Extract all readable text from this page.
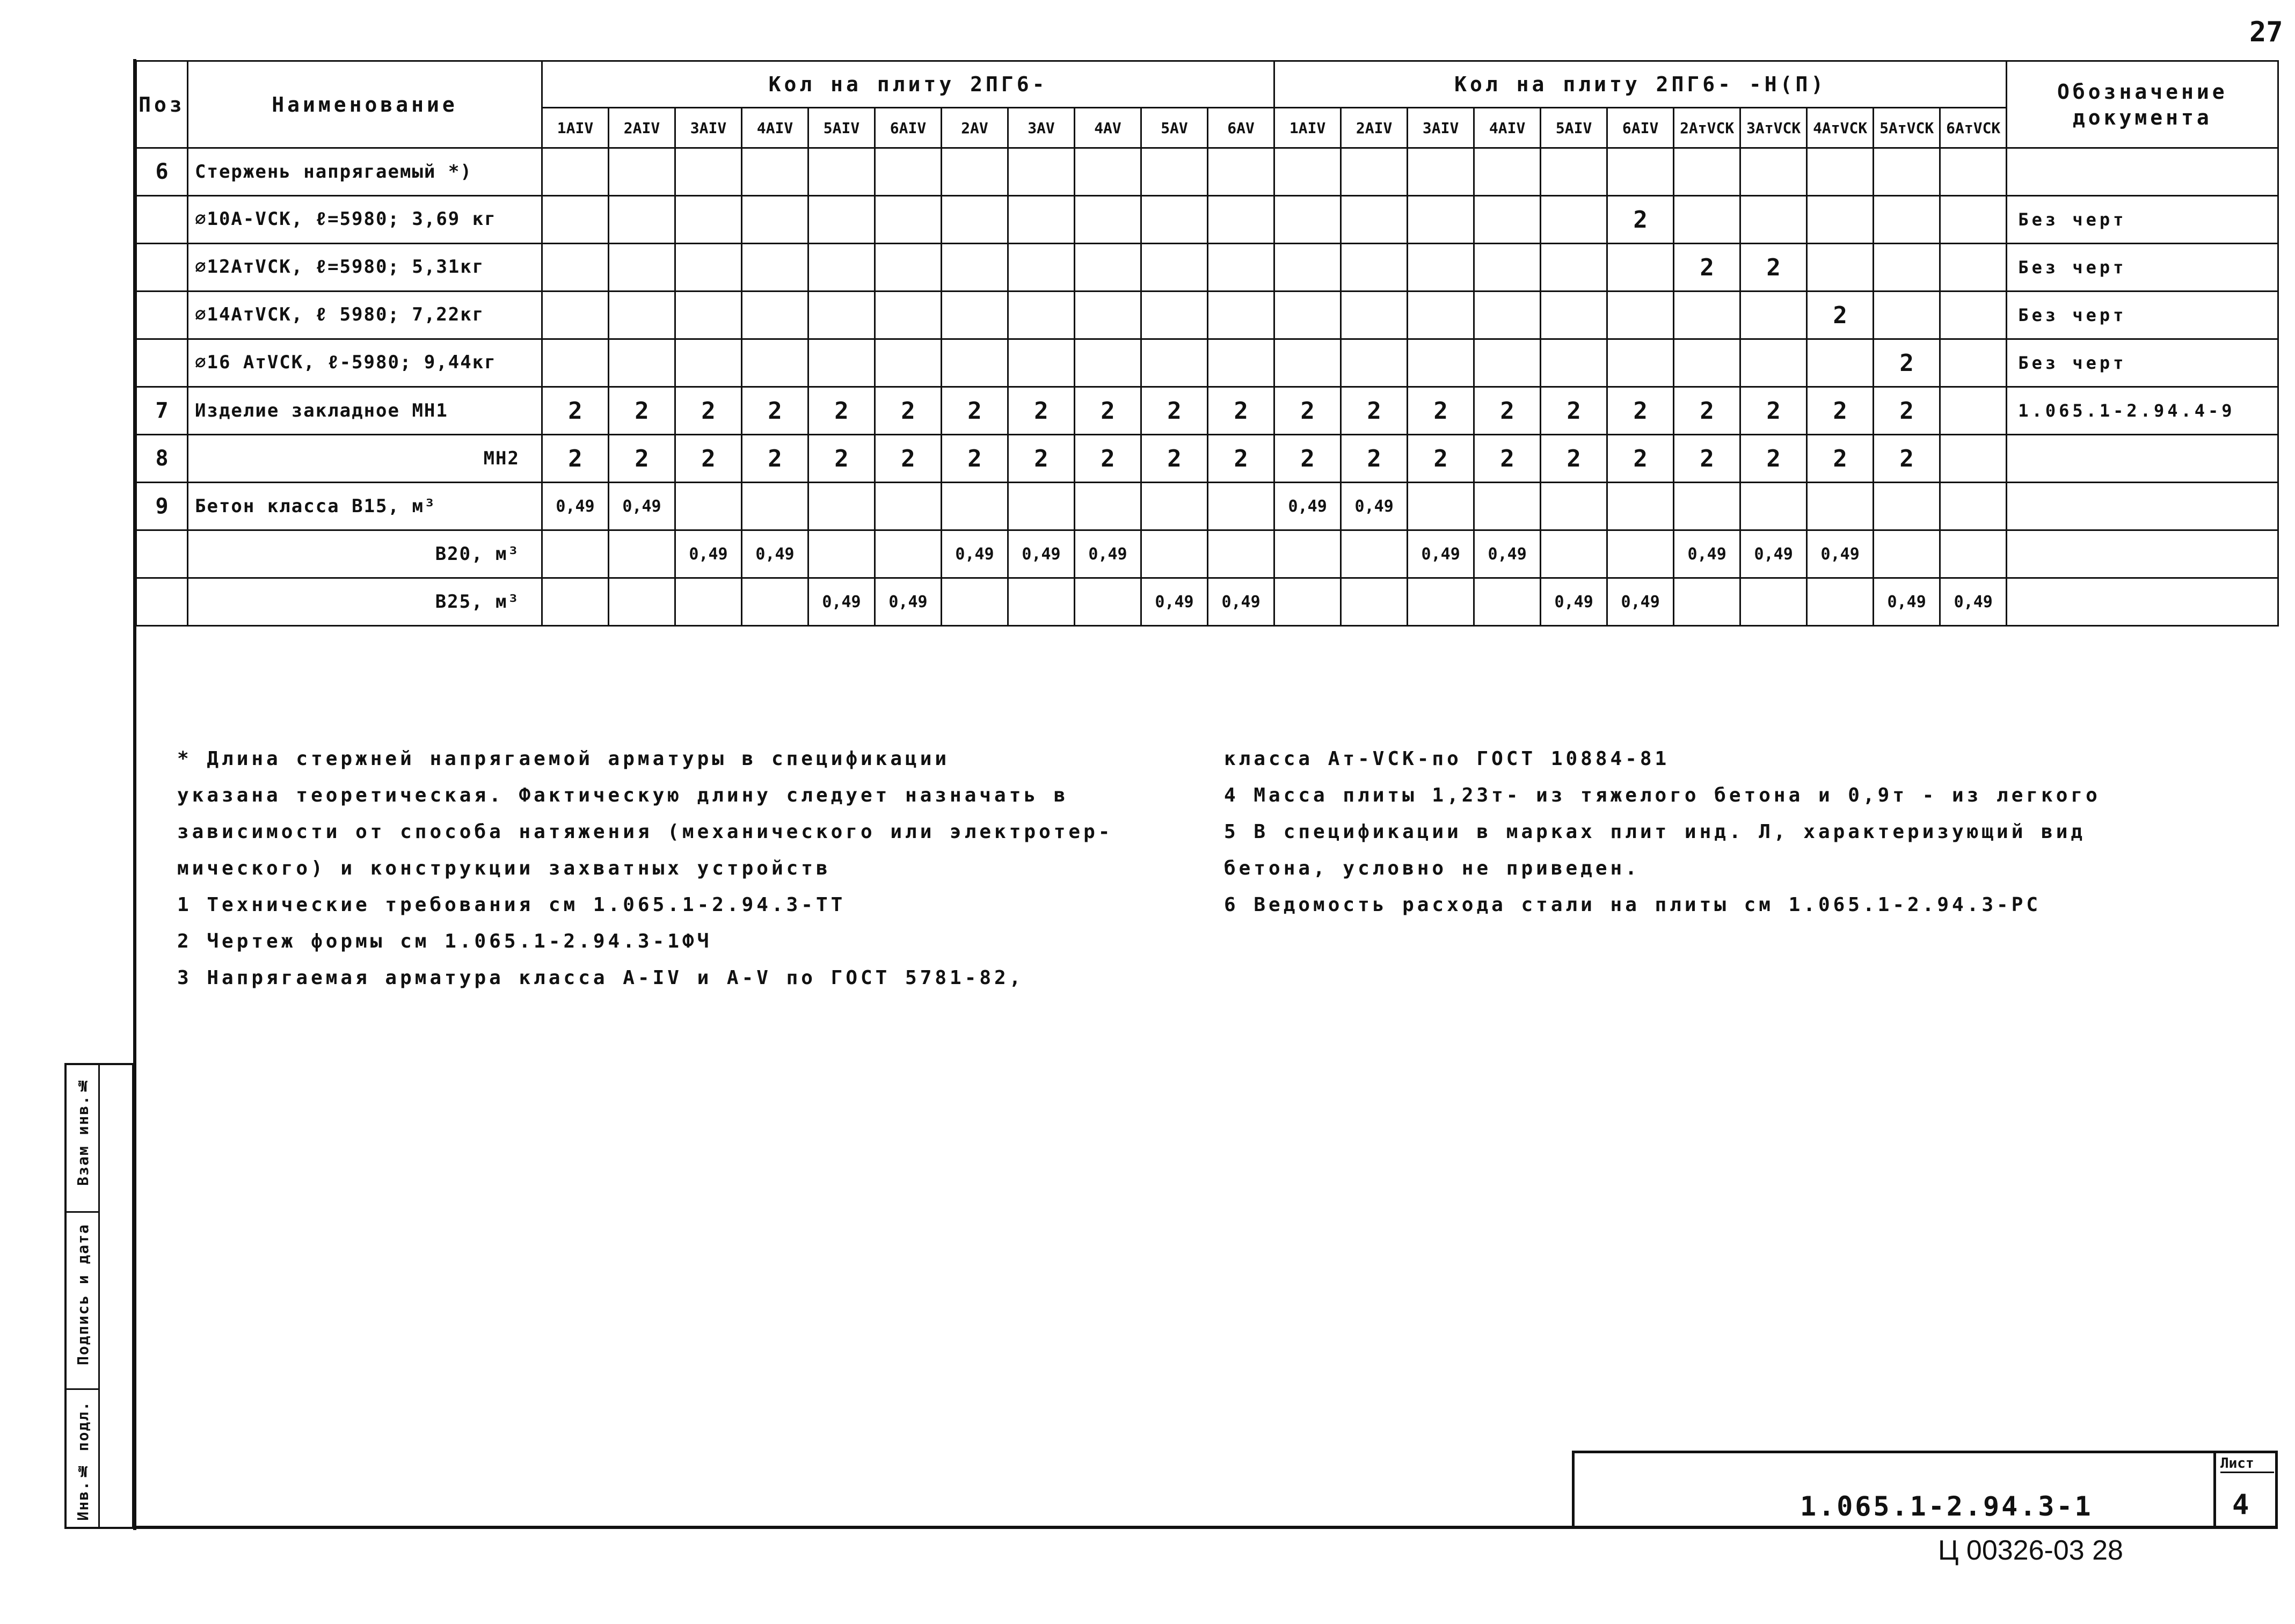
27
Поз	Наименование	Кол на плиту 2ПГ6-											Кол на плиту 2ПГ6- -Н(П)											Обозначение документа
		1АIV	2АIV	3АIV	4АIV	5АIV	6АIV	2АV	3АV	4АV	5АV	6АV	1АIV	2АIV	3АIV	4АIV	5АIV	6АIV	2АтVСК	3АтVСК	4АтVСК	5АтVСК	6АтVСК	
6	Стержень напрягаемый *)																							
	⌀10А-VСК, ℓ=5980; 3,69 кг																	2						Без черт
	⌀12АтVСК, ℓ=5980; 5,31кг																		2	2				Без черт
	⌀14АтVСК, ℓ 5980; 7,22кг																				2			Без черт
	⌀16 АтVСК, ℓ-5980; 9,44кг																					2		Без черт
7	Изделие закладное МН1	2	2	2	2	2	2	2	2	2	2	2	2	2	2	2	2	2	2	2	2	2		1.065.1-2.94.4-9
8	МН2	2	2	2	2	2	2	2	2	2	2	2	2	2	2	2	2	2	2	2	2	2		
9	Бетон класса В15, м³	0,49	0,49										0,49	0,49										
	В20, м³			0,49	0,49			0,49	0,49	0,49					0,49	0,49			0,49	0,49	0,49			
	В25, м³					0,49	0,49				0,49	0,49					0,49	0,49				0,49	0,49	
* Длина стержней напрягаемой арматуры в спецификации
указана теоретическая. Фактическую длину следует назначать в
зависимости от способа натяжения (механического или электротер-
мического) и конструкции захватных устройств
1 Технические требования см 1.065.1-2.94.3-ТТ
2 Чертеж формы см 1.065.1-2.94.3-1ФЧ
3 Напрягаемая арматура класса А-IV и А-V по ГОСТ 5781-82,
класса Ат-VСК-по ГОСТ 10884-81
4 Масса плиты 1,23т- из тяжелого бетона и 0,9т - из легкого
5 В спецификации в марках плит инд. Л, характеризующий вид
бетона, условно не приведен.
6 Ведомость расхода стали на плиты см 1.065.1-2.94.3-РС
Взам инв.№
Подпись и дата
Инв.№ подл.	1.065.1-2.94.3-1
Лист
4
Ц 00326-03 28
